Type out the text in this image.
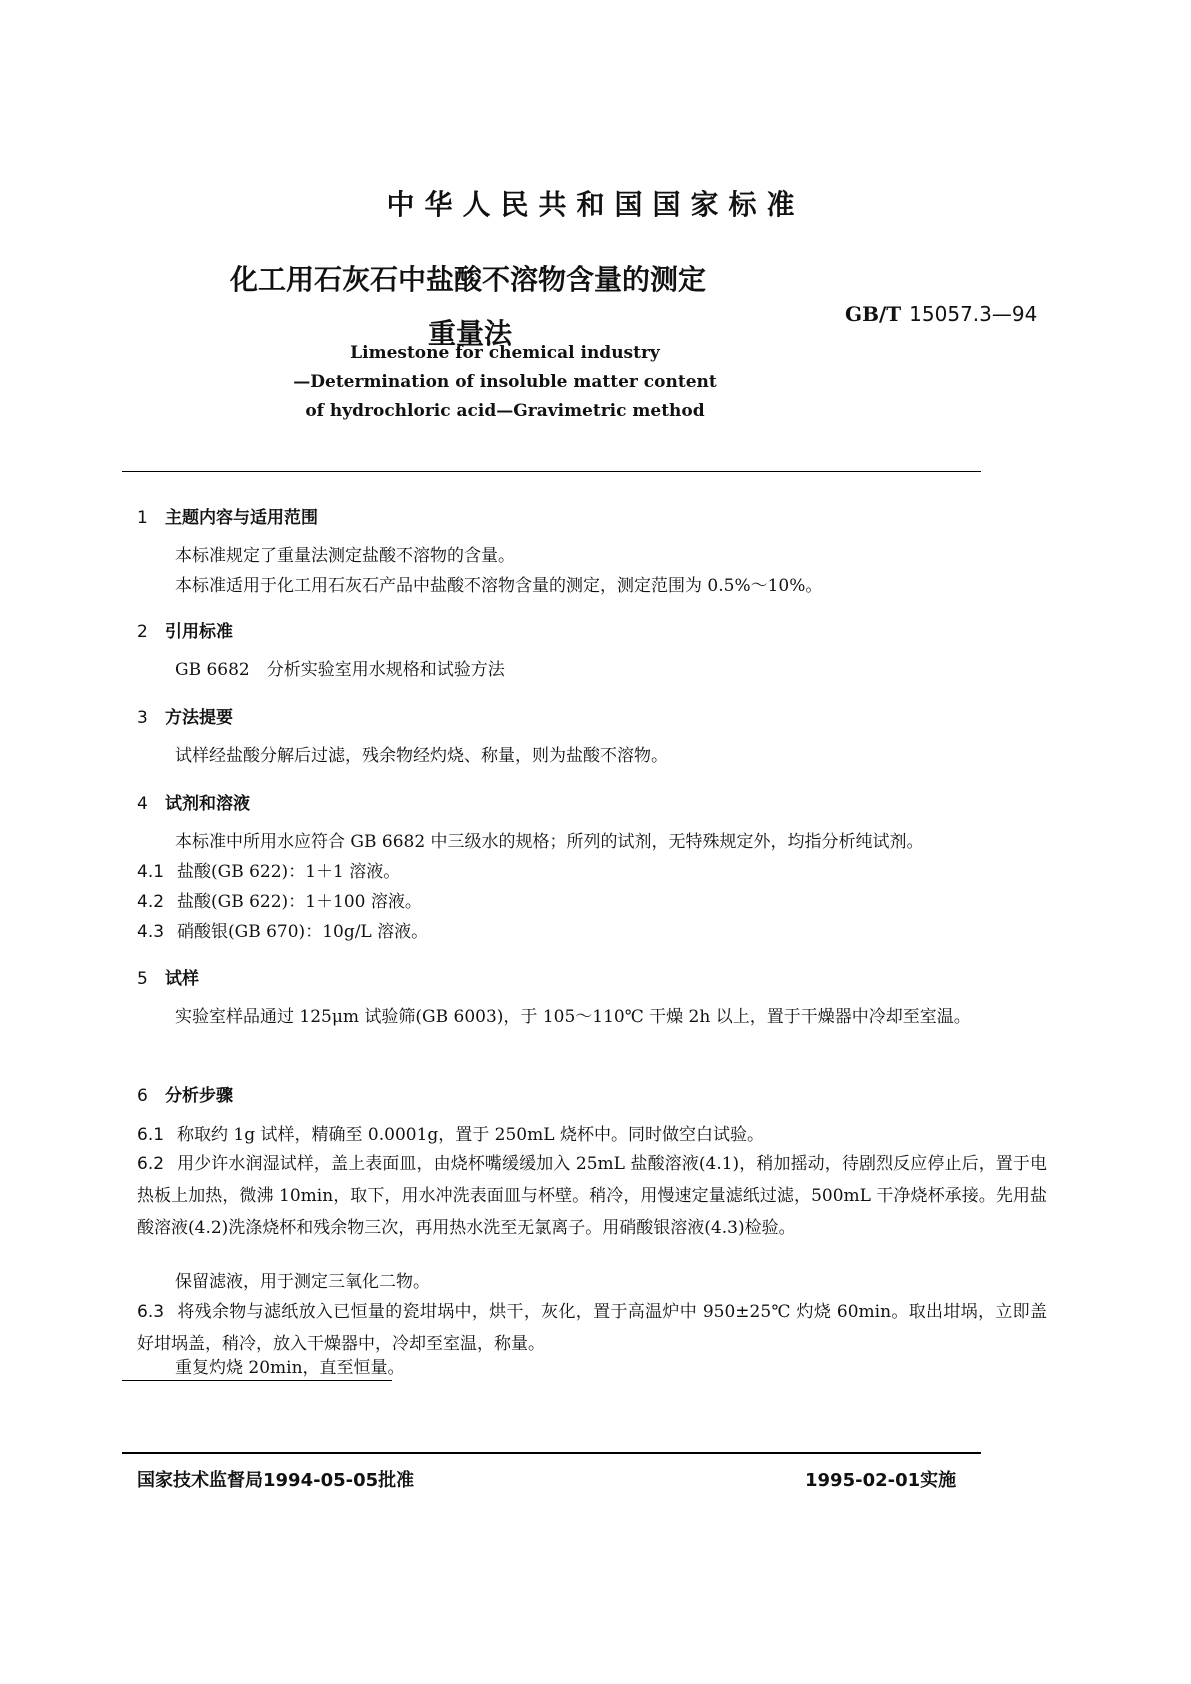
中华人民共和国国家标准
化工用石灰石中盐酸不溶物含量的测定
重量法
GB/T 15057.3—94
Limestone for chemical industry
—Determination of insoluble matter content
of hydrochloric acid—Gravimetric method
1 主题内容与适用范围
本标准规定了重量法测定盐酸不溶物的含量。
本标准适用于化工用石灰石产品中盐酸不溶物含量的测定，测定范围为 0.5%～10%。
2 引用标准
GB 6682　分析实验室用水规格和试验方法
3 方法提要
试样经盐酸分解后过滤，残余物经灼烧、称量，则为盐酸不溶物。
4 试剂和溶液
本标准中所用水应符合 GB 6682 中三级水的规格；所列的试剂，无特殊规定外，均指分析纯试剂。
4.1 盐酸(GB 622)：1＋1 溶液。
4.2 盐酸(GB 622)：1＋100 溶液。
4.3 硝酸银(GB 670)：10g/L 溶液。
5 试样
实验室样品通过 125μm 试验筛(GB 6003)，于 105～110℃ 干燥 2h 以上，置于干燥器中冷却至室温。
6 分析步骤
6.1 称取约 1g 试样，精确至 0.0001g，置于 250mL 烧杯中。同时做空白试验。
6.2 用少许水润湿试样，盖上表面皿，由烧杯嘴缓缓加入 25mL 盐酸溶液(4.1)，稍加摇动，待剧烈反应停止后，置于电热板上加热，微沸 10min，取下，用水冲洗表面皿与杯壁。稍冷，用慢速定量滤纸过滤，500mL 干净烧杯承接。先用盐酸溶液(4.2)洗涤烧杯和残余物三次，再用热水洗至无氯离子。用硝酸银溶液(4.3)检验。
保留滤液，用于测定三氧化二物。
6.3 将残余物与滤纸放入已恒量的瓷坩埚中，烘干，灰化，置于高温炉中 950±25℃ 灼烧 60min。取出坩埚，立即盖好坩埚盖，稍冷，放入干燥器中，冷却至室温，称量。
重复灼烧 20min，直至恒量。
国家技术监督局1994-05-05批准	1995-02-01实施
